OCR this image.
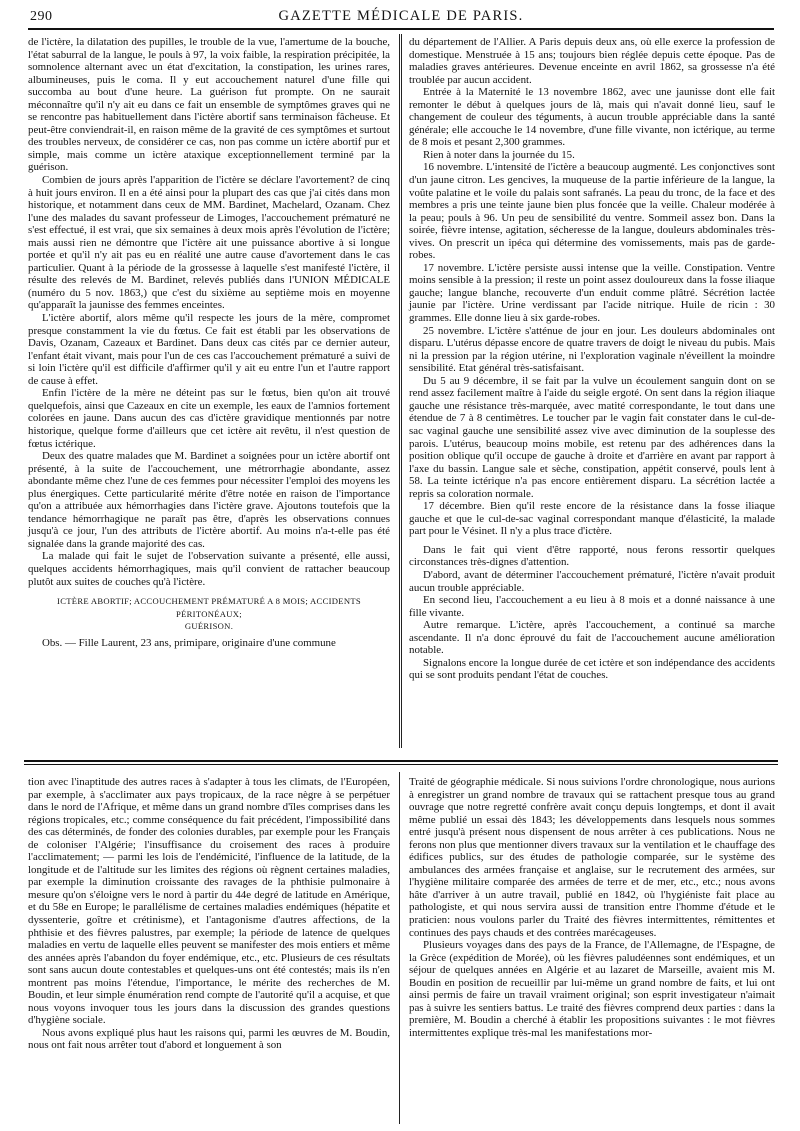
290	GAZETTE MÉDICALE DE PARIS.

de l'ictère, la dilatation des pupilles, le trouble de la vue, l'amertume de la bouche, l'état saburral de la langue, le pouls à 97, la voix faible, la respiration précipitée, la somnolence alternant avec un état d'excitation, la constipation, les urines rares, albumineuses, puis le coma. Il y eut accouchement naturel d'une fille qui succomba au bout d'une heure. La guérison fut prompte. On ne saurait méconnaître qu'il n'y ait eu dans ce fait un ensemble de symptômes graves qui ne se rencontre pas habituellement dans l'ictère abortif sans terminaison fâcheuse. Et peut-être conviendrait-il, en raison même de la gravité de ces symptômes et surtout des troubles nerveux, de considérer ce cas, non pas comme un ictère abortif pur et simple, mais comme un ictère ataxique exceptionnellement terminé par la guérison.

Combien de jours après l'apparition de l'ictère se déclare l'avortement? de cinq à huit jours environ. Il en a été ainsi pour la plupart des cas que j'ai cités dans mon historique, et notamment dans ceux de MM. Bardinet, Machelard, Ozanam. Chez l'une des malades du savant professeur de Limoges, l'accouchement prématuré ne s'est effectué, il est vrai, que six semaines à deux mois après l'évolution de l'ictère; mais aussi rien ne démontre que l'ictère ait une puissance abortive à si longue portée et qu'il n'y ait pas eu en réalité une autre cause d'avortement dans le cas particulier. Quant à la période de la grossesse à laquelle s'est manifesté l'ictère, il résulte des relevés de M. Bardinet, relevés publiés dans l'UNION MÉDICALE (numéro du 5 nov. 1863,) que c'est du sixième au septième mois en moyenne qu'apparaît la jaunisse des femmes enceintes.

L'ictère abortif, alors même qu'il respecte les jours de la mère, compromet presque constamment la vie du fœtus. Ce fait est établi par les observations de Davis, Ozanam, Cazeaux et Bardinet. Dans deux cas cités par ce dernier auteur, l'enfant était vivant, mais pour l'un de ces cas l'accouchement prématuré a suivi de si loin l'ictère qu'il est difficile d'affirmer qu'il y ait eu entre l'un et l'autre rapport de cause à effet.

Enfin l'ictère de la mère ne déteint pas sur le fœtus, bien qu'on ait trouvé quelquefois, ainsi que Cazeaux en cite un exemple, les eaux de l'amnios fortement colorées en jaune. Dans aucun des cas d'ictère gravidique mentionnés par notre historique, quelque forme d'ailleurs que cet ictère ait revêtu, il n'est question de fœtus ictérique.

Deux des quatre malades que M. Bardinet a soignées pour un ictère abortif ont présenté, à la suite de l'accouchement, une métrorrhagie abondante, assez abondante même chez l'une de ces femmes pour nécessiter l'emploi des moyens les plus énergiques. Cette particularité mérite d'être notée en raison de l'importance qu'on a attribuée aux hémorrhagies dans l'ictère grave. Ajoutons toutefois que la tendance hémorrhagique ne paraît pas être, d'après les observations connues jusqu'à ce jour, l'un des attributs de l'ictère abortif. Au moins n'a-t-elle pas été signalée dans la grande majorité des cas.

La malade qui fait le sujet de l'observation suivante a présenté, elle aussi, quelques accidents hémorrhagiques, mais qu'il convient de rattacher beaucoup plutôt aux suites de couches qu'à l'ictère.

ICTÈRE ABORTIF; ACCOUCHEMENT PRÉMATURÉ A 8 MOIS; ACCIDENTS PÉRITONÉAUX;
GUÉRISON.

Obs. — Fille Laurent, 23 ans, primipare, originaire d'une commune

du département de l'Allier. A Paris depuis deux ans, où elle exerce la profession de domestique. Menstruée à 15 ans; toujours bien réglée depuis cette époque. Pas de maladies graves antérieures. Devenue enceinte en avril 1862, sa grossesse n'a été troublée par aucun accident.

Entrée à la Maternité le 13 novembre 1862, avec une jaunisse dont elle fait remonter le début à quelques jours de là, mais qui n'avait donné lieu, sauf le changement de couleur des téguments, à aucun trouble appréciable dans la santé générale; elle accouche le 14 novembre, d'une fille vivante, non ictérique, au terme de 8 mois et pesant 2,300 grammes.

Rien à noter dans la journée du 15.

16 novembre. L'intensité de l'ictère a beaucoup augmenté. Les conjonctives sont d'un jaune citron. Les gencives, la muqueuse de la partie inférieure de la langue, la voûte palatine et le voile du palais sont safranés. La peau du tronc, de la face et des membres a pris une teinte jaune bien plus foncée que la veille. Chaleur modérée à la peau; pouls à 96. Un peu de sensibilité du ventre. Sommeil assez bon. Dans la soirée, fièvre intense, agitation, sécheresse de la langue, douleurs abdominales très-vives. On prescrit un ipéca qui détermine des vomissements, mais pas de garde-robes.

17 novembre. L'ictère persiste aussi intense que la veille. Constipation. Ventre moins sensible à la pression; il reste un point assez douloureux dans la fosse iliaque gauche; langue blanche, recouverte d'un enduit comme plâtré. Sécrétion lactée jaunie par l'ictère. Urine verdissant par l'acide nitrique. Huile de ricin : 30 grammes. Elle donne lieu à six garde-robes.

25 novembre. L'ictère s'atténue de jour en jour. Les douleurs abdominales ont disparu. L'utérus dépasse encore de quatre travers de doigt le niveau du pubis. Mais ni la pression par la région utérine, ni l'exploration vaginale n'éveillent la moindre sensibilité. Etat général très-satisfaisant.

Du 5 au 9 décembre, il se fait par la vulve un écoulement sanguin dont on se rend assez facilement maître à l'aide du seigle ergoté. On sent dans la région iliaque gauche une résistance très-marquée, avec matité correspondante, le tout dans une étendue de 7 à 8 centimètres. Le toucher par le vagin fait constater dans le cul-de-sac vaginal gauche une sensibilité assez vive avec diminution de la souplesse des parois. L'utérus, beaucoup moins mobile, est retenu par des adhérences dans la position oblique qu'il occupe de gauche à droite et d'arrière en avant par rapport à l'axe du bassin. Langue sale et sèche, constipation, appétit conservé, pouls lent à 58. La teinte ictérique n'a pas encore entièrement disparu. La sécrétion lactée a repris sa coloration normale.

17 décembre. Bien qu'il reste encore de la résistance dans la fosse iliaque gauche et que le cul-de-sac vaginal correspondant manque d'élasticité, la malade part pour le Vésinet. Il n'y a plus trace d'ictère.

Dans le fait qui vient d'être rapporté, nous ferons ressortir quelques circonstances très-dignes d'attention.

D'abord, avant de déterminer l'accouchement prématuré, l'ictère n'avait produit aucun trouble appréciable.

En second lieu, l'accouchement a eu lieu à 8 mois et a donné naissance à une fille vivante.

Autre remarque. L'ictère, après l'accouchement, a continué sa marche ascendante. Il n'a donc éprouvé du fait de l'accouchement aucune amélioration notable.

Signalons encore la longue durée de cet ictère et son indépendance des accidents qui se sont produits pendant l'état de couches.

tion avec l'inaptitude des autres races à s'adapter à tous les climats, de l'Européen, par exemple, à s'acclimater aux pays tropicaux, de la race nègre à se perpétuer dans le nord de l'Afrique, et même dans un grand nombre d'îles comprises dans les régions tropicales, etc.; comme conséquence du fait précédent, l'impossibilité dans des cas déterminés, de fonder des colonies durables, par exemple pour les Français de coloniser l'Algérie; l'insuffisance du croisement des races à produire l'acclimatement; — parmi les lois de l'endémicité, l'influence de la latitude, de la longitude et de l'altitude sur les limites des régions où règnent certaines maladies, par exemple la diminution croissante des ravages de la phthisie pulmonaire à mesure qu'on s'éloigne vers le nord à partir du 44e degré de latitude en Amérique, et du 58e en Europe; le parallélisme de certaines maladies endémiques (hépatite et dyssenterie, goître et crétinisme), et l'antagonisme d'autres affections, de la phthisie et des fièvres palustres, par exemple; la période de latence de quelques maladies en vertu de laquelle elles peuvent se manifester des mois entiers et même des années après l'abandon du foyer endémique, etc., etc. Plusieurs de ces résultats sont sans aucun doute contestables et quelques-uns ont été contestés; mais ils n'en montrent pas moins l'étendue, l'importance, le mérite des recherches de M. Boudin, et leur simple énumération rend compte de l'autorité qu'il a acquise, et que nous voyons invoquer tous les jours dans la discussion des grandes questions d'hygiène sociale.

Nous avons expliqué plus haut les raisons qui, parmi les œuvres de M. Boudin, nous ont fait nous arrêter tout d'abord et longuement à son

Traité de géographie médicale. Si nous suivions l'ordre chronologique, nous aurions à enregistrer un grand nombre de travaux qui se rattachent presque tous au grand ouvrage que notre regretté confrère avait conçu depuis longtemps, et dont il avait même publié un essai dès 1843; les développements dans lesquels nous sommes entré jusqu'à présent nous dispensent de nous arrêter à ces publications. Nous ne ferons non plus que mentionner divers travaux sur la ventilation et le chauffage des édifices publics, sur des études de pathologie comparée, sur le système des ambulances des armées française et anglaise, sur le recrutement des armées, sur l'hygiène militaire comparée des armées de terre et de mer, etc., etc.; nous avons hâte d'arriver à un autre travail, publié en 1842, où l'hygiéniste fait place au pathologiste, et qui nous servira aussi de transition entre l'homme d'étude et le praticien: nous voulons parler du Traité des fièvres intermittentes, rémittentes et continues des pays chauds et des contrées marécageuses.

Plusieurs voyages dans des pays de la France, de l'Allemagne, de l'Espagne, de la Grèce (expédition de Morée), où les fièvres paludéennes sont endémiques, et un séjour de quelques années en Algérie et au lazaret de Marseille, avaient mis M. Boudin en position de recueillir par lui-même un grand nombre de faits, et lui ont ainsi permis de faire un travail vraiment original; son esprit investigateur n'aimait pas à suivre les sentiers battus. Le traité des fièvres comprend deux parties : dans la première, M. Boudin a cherché à établir les propositions suivantes : le mot fièvres intermittentes explique très-mal les manifestations mor-
